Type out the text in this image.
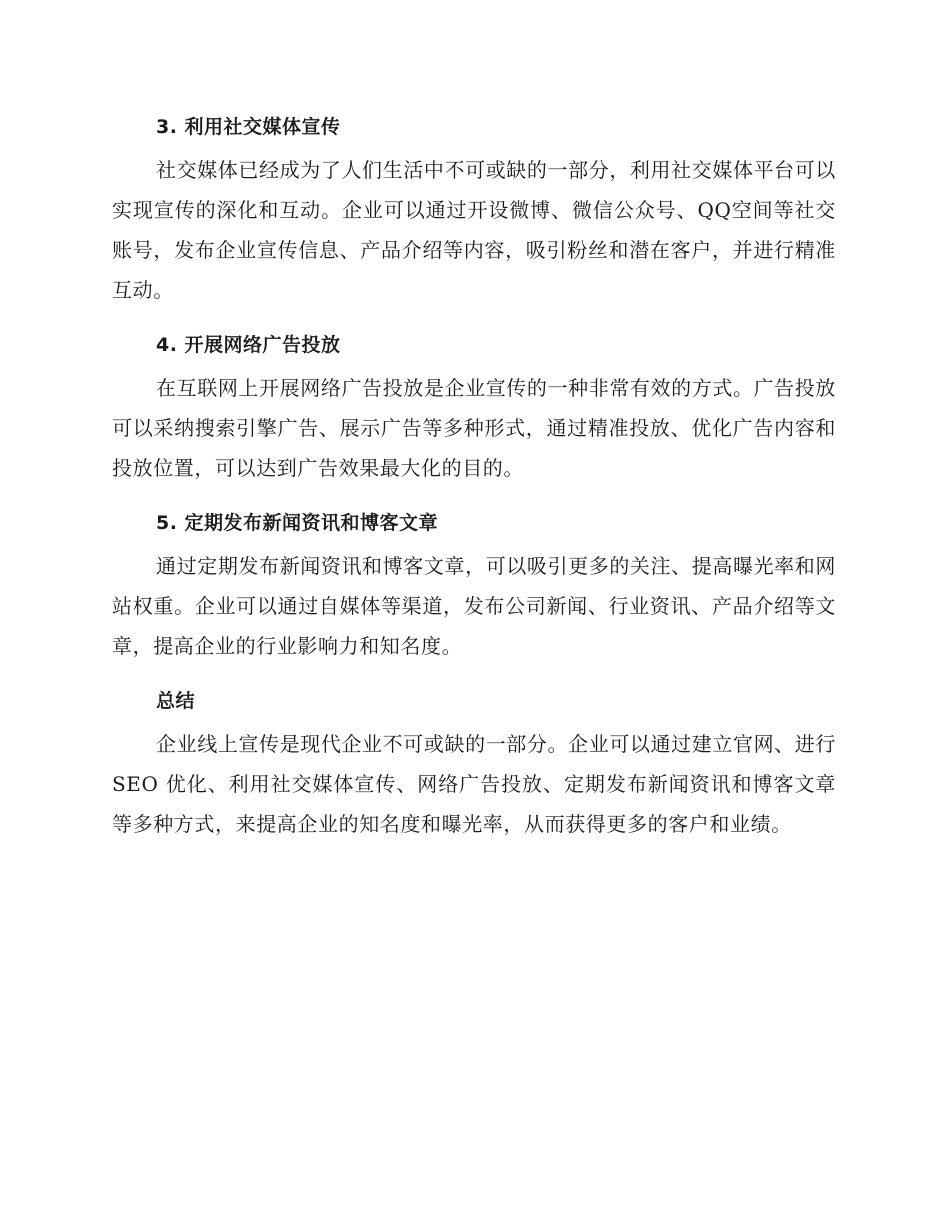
3. 利用社交媒体宣传

社交媒体已经成为了人们生活中不可或缺的一部分，利用社交媒体平台可以实现宣传的深化和互动。企业可以通过开设微博、微信公众号、QQ空间等社交账号，发布企业宣传信息、产品介绍等内容，吸引粉丝和潜在客户，并进行精准互动。

4. 开展网络广告投放

在互联网上开展网络广告投放是企业宣传的一种非常有效的方式。广告投放可以采纳搜索引擎广告、展示广告等多种形式，通过精准投放、优化广告内容和投放位置，可以达到广告效果最大化的目的。

5. 定期发布新闻资讯和博客文章

通过定期发布新闻资讯和博客文章，可以吸引更多的关注、提高曝光率和网站权重。企业可以通过自媒体等渠道，发布公司新闻、行业资讯、产品介绍等文章，提高企业的行业影响力和知名度。

总结

企业线上宣传是现代企业不可或缺的一部分。企业可以通过建立官网、进行 SEO 优化、利用社交媒体宣传、网络广告投放、定期发布新闻资讯和博客文章等多种方式，来提高企业的知名度和曝光率，从而获得更多的客户和业绩。
